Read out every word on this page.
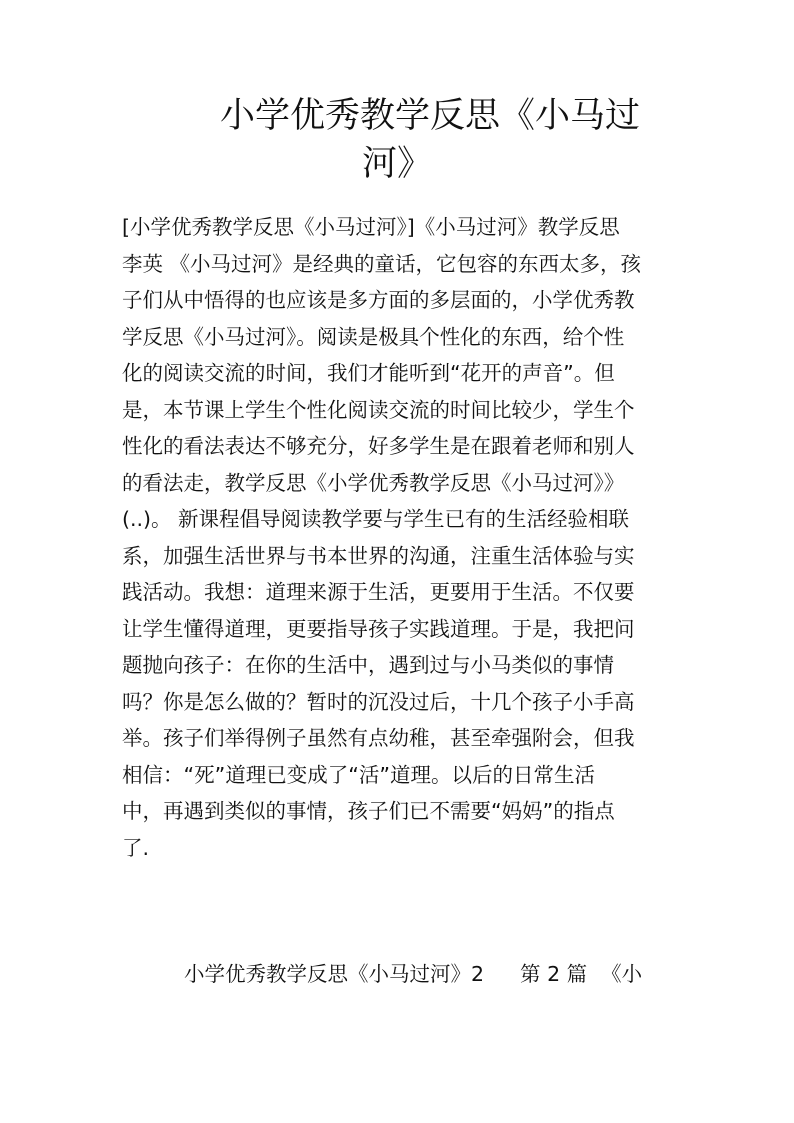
小学优秀教学反思《小马过
河》
[小学优秀教学反思《小马过河》]《小马过河》教学反思
李英 《小马过河》是经典的童话，它包容的东西太多，孩
子们从中悟得的也应该是多方面的多层面的，小学优秀教
学反思《小马过河》。阅读是极具个性化的东西，给个性
化的阅读交流的时间，我们才能听到“花开的声音”。但
是，本节课上学生个性化阅读交流的时间比较少，学生个
性化的看法表达不够充分，好多学生是在跟着老师和别人
的看法走，教学反思《小学优秀教学反思《小马过河》》
(..)。 新课程倡导阅读教学要与学生已有的生活经验相联
系，加强生活世界与书本世界的沟通，注重生活体验与实
践活动。我想：道理来源于生活，更要用于生活。不仅要
让学生懂得道理，更要指导孩子实践道理。于是，我把问
题抛向孩子：在你的生活中，遇到过与小马类似的事情
吗？你是怎么做的？暂时的沉没过后，十几个孩子小手高
举。孩子们举得例子虽然有点幼稚，甚至牵强附会，但我
相信：“死”道理已变成了“活”道理。以后的日常生活
中，再遇到类似的事情，孩子们已不需要“妈妈”的指点
了.
小学优秀教学反思《小马过河》2 第 2 篇 《小
